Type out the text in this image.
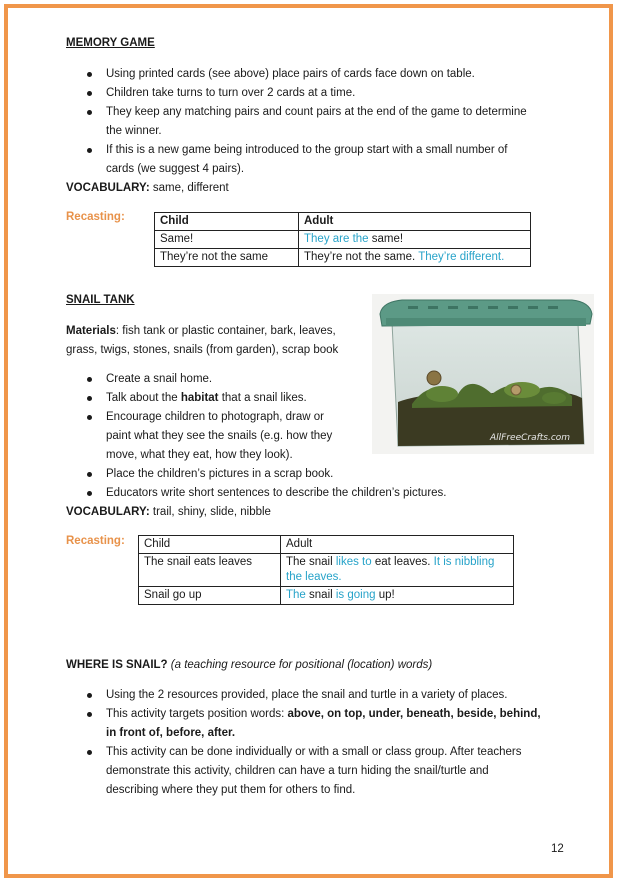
MEMORY GAME
Using printed cards (see above) place pairs of cards face down on table.
Children take turns to turn over 2 cards at a time.
They keep any matching pairs and count pairs at the end of the game to determine
the winner.
If this is a new game being introduced to the group start with a small number of
cards (we suggest 4 pairs).
VOCABULARY: same, different
Recasting:	Child	Adult
Same!	They are the same!
They’re not the same	They’re not the same. They’re different.
SNAIL TANK
Materials: fish tank or plastic container, bark, leaves,
grass, twigs, stones, snails (from garden), scrap book
Create a snail home.
Talk about the habitat that a snail likes.
Encourage children to photograph, draw or
paint what they see the snails (e.g. how they
move, what they eat, how they look).
Place the children’s pictures in a scrap book.
Educators write short sentences to describe the children’s pictures.
VOCABULARY: trail, shiny, slide, nibble
Recasting: Child	Adult
The snail eats leaves	The snail likes to eat leaves. It is nibbling
the leaves.
Snail go up	The snail is going up!
AllFreeCrafts.com
WHERE IS SNAIL? (a teaching resource for positional (location) words)
Using the 2 resources provided, place the snail and turtle in a variety of places.
This activity targets position words: above, on top, under, beneath, beside, behind,
in front of, before, after.
This activity can be done individually or with a small or class group. After teachers
demonstrate this activity, children can have a turn hiding the snail/turtle and
describing where they put them for others to find.
12
